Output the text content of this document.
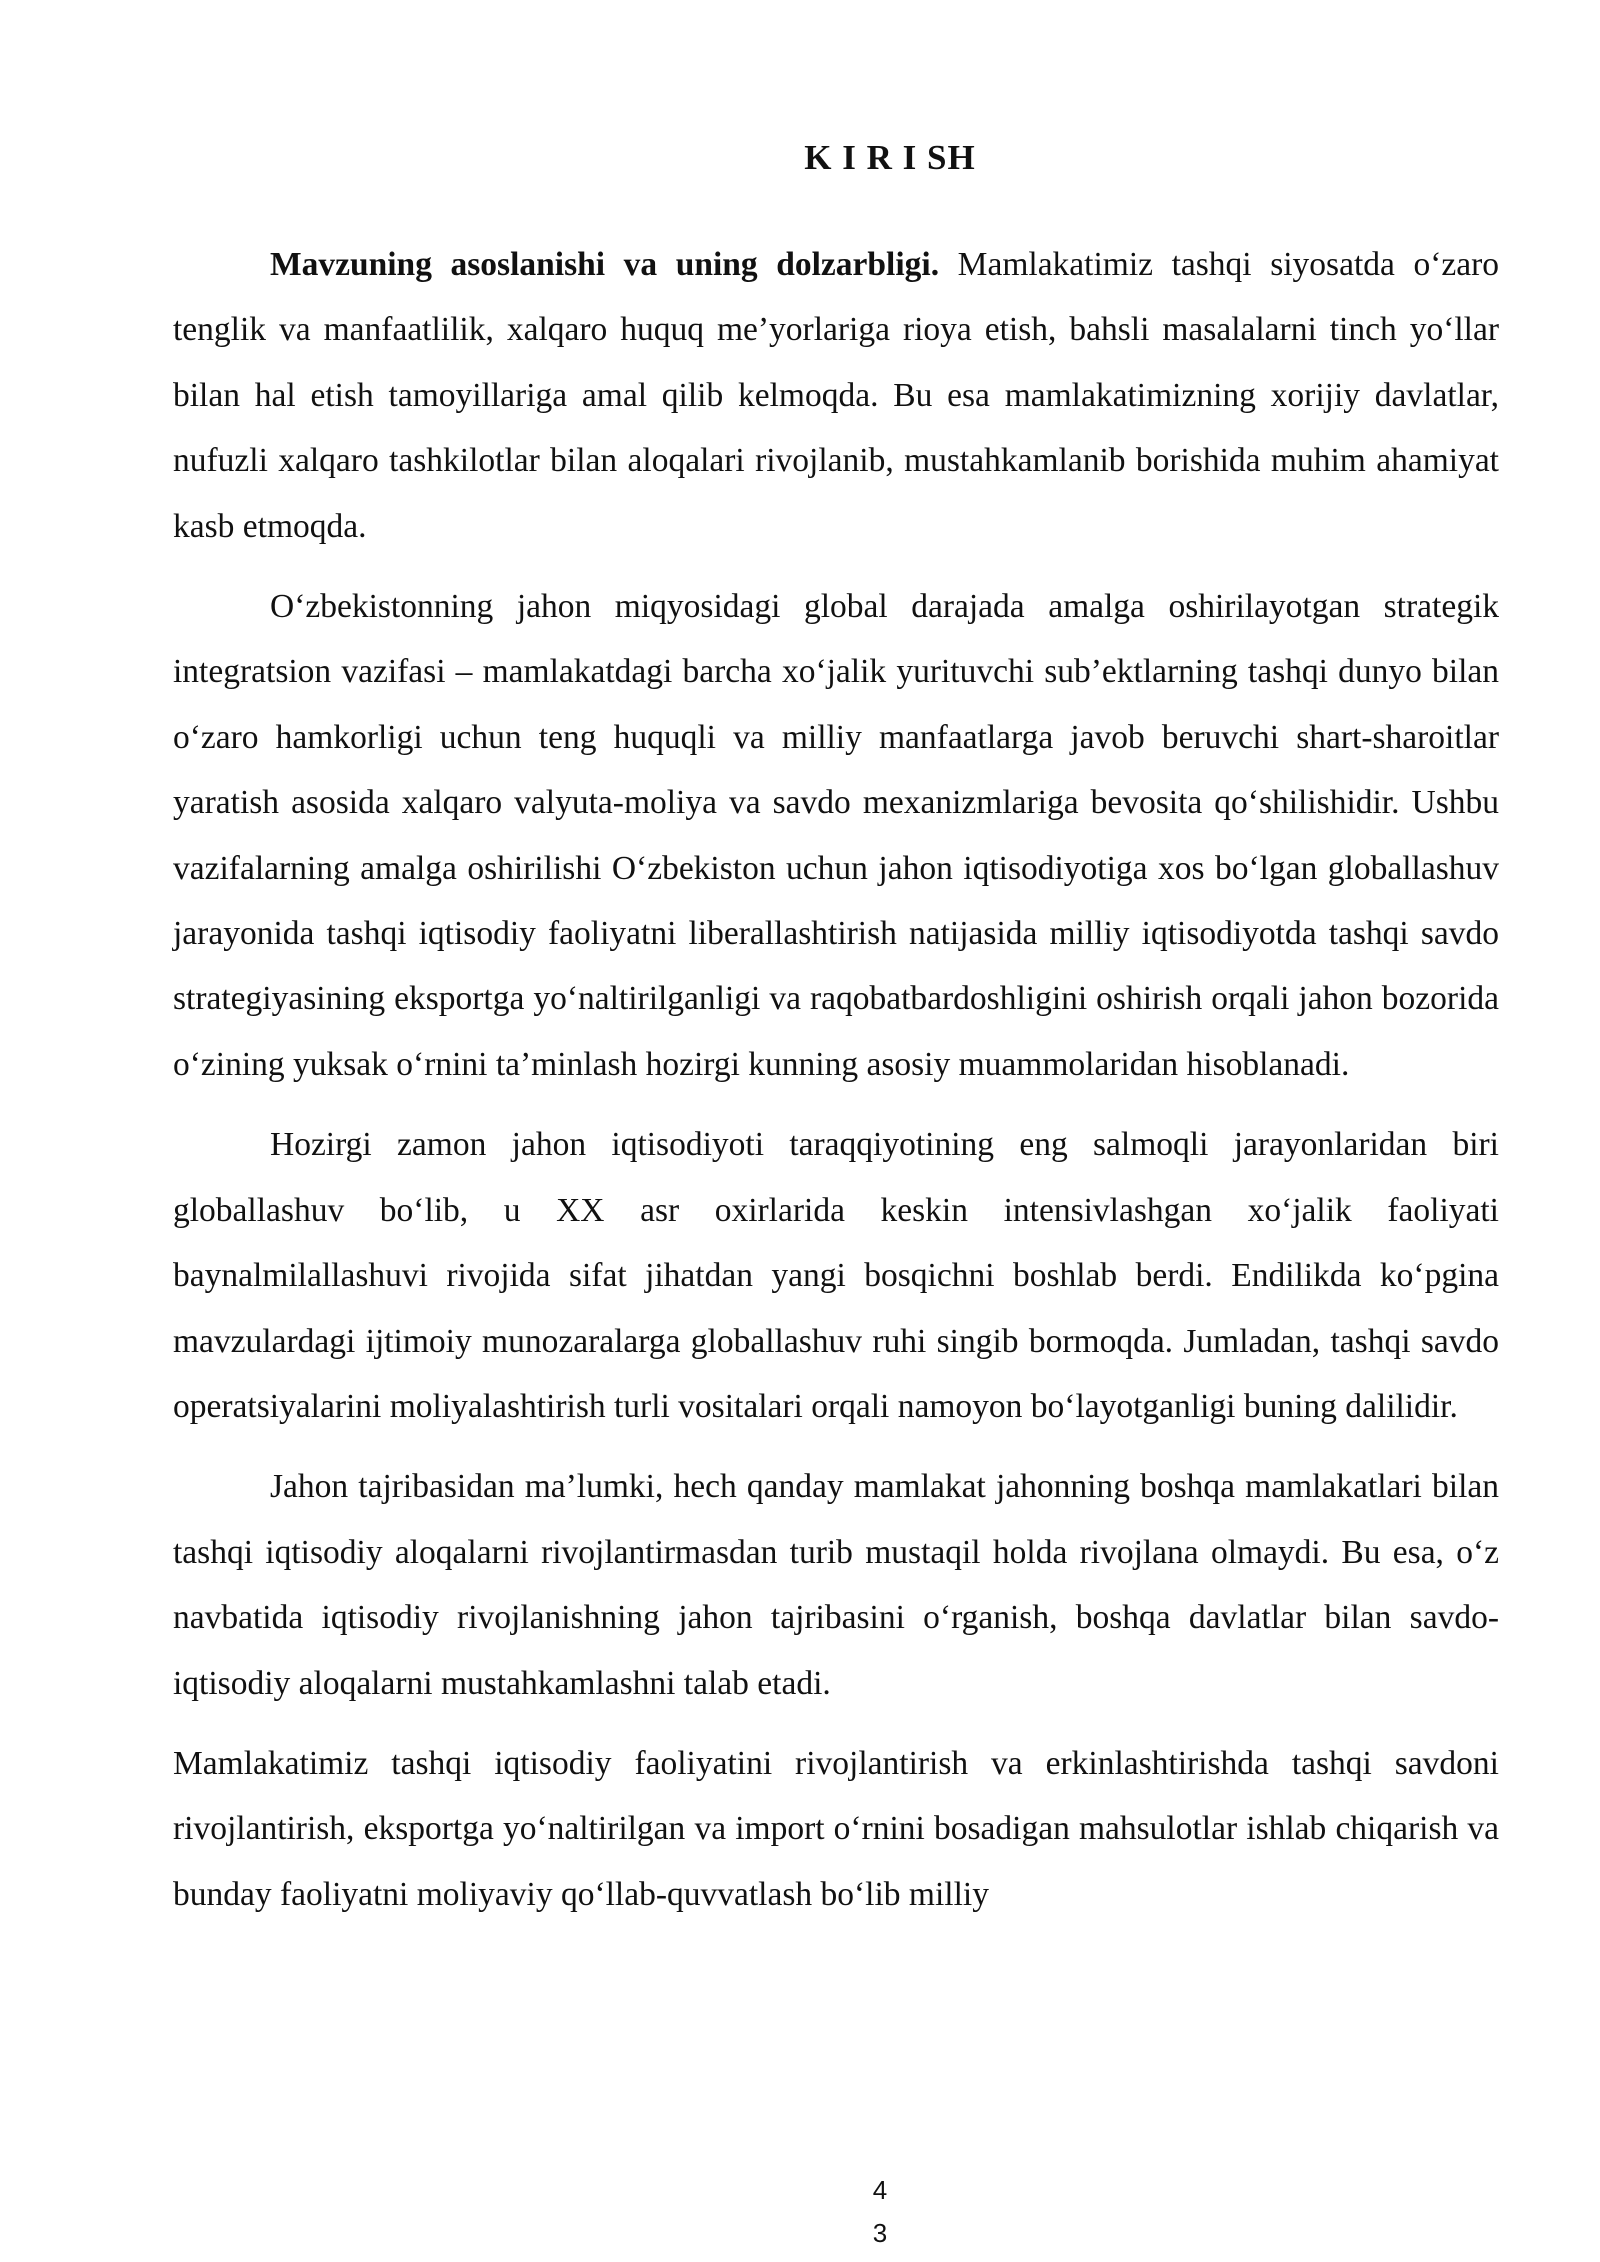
K I R I SH

Mavzuning asoslanishi va uning dolzarbligi. Mamlakatimiz tashqi siyosatda o‘zaro tenglik va manfaatlilik, xalqaro huquq me’yorlariga rioya etish, bahsli masalalarni tinch yo‘llar bilan hal etish tamoyillariga amal qilib kelmoqda. Bu esa mamlakatimizning xorijiy davlatlar, nufuzli xalqaro tashkilotlar bilan aloqalari rivojlanib, mustahkamlanib borishida muhim ahamiyat kasb etmoqda.

O‘zbekistonning jahon miqyosidagi global darajada amalga oshirilayotgan strategik integratsion vazifasi – mamlakatdagi barcha xo‘jalik yurituvchi sub’ektlarning tashqi dunyo bilan o‘zaro hamkorligi uchun teng huquqli va milliy manfaatlarga javob beruvchi shart-sharoitlar yaratish asosida xalqaro valyuta-moliya va savdo mexanizmlariga bevosita qo‘shilishidir. Ushbu vazifalarning amalga oshirilishi O‘zbekiston uchun jahon iqtisodiyotiga xos bo‘lgan globallashuv jarayonida tashqi iqtisodiy faoliyatni liberallashtirish natijasida milliy iqtisodiyotda tashqi savdo strategiyasining eksportga yo‘naltirilganligi va raqobatbardoshligini oshirish orqali jahon bozorida o‘zining yuksak o‘rnini ta’minlash hozirgi kunning asosiy muammolaridan hisoblanadi.

Hozirgi zamon jahon iqtisodiyoti taraqqiyotining eng salmoqli jarayonlaridan biri globallashuv bo‘lib, u XX asr oxirlarida keskin intensivlashgan xo‘jalik faoliyati baynalmilallashuvi rivojida sifat jihatdan yangi bosqichni boshlab berdi. Endilikda ko‘pgina mavzulardagi ijtimoiy munozaralarga globallashuv ruhi singib bormoqda. Jumladan, tashqi savdo operatsiyalarini moliyalashtirish turli vositalari orqali namoyon bo‘layotganligi buning dalilidir.

Jahon tajribasidan ma’lumki, hech qanday mamlakat jahonning boshqa mamlakatlari bilan tashqi iqtisodiy aloqalarni rivojlantirmasdan turib mustaqil holda rivojlana olmaydi. Bu esa, o‘z navbatida iqtisodiy rivojlanishning jahon tajribasini o‘rganish, boshqa davlatlar bilan savdo-iqtisodiy aloqalarni mustahkamlashni talab etadi.

Mamlakatimiz tashqi iqtisodiy faoliyatini rivojlantirish va erkinlashtirishda tashqi savdoni rivojlantirish, eksportga yo‘naltirilgan va import o‘rnini bosadigan mahsulotlar ishlab chiqarish va bunday faoliyatni moliyaviy qo‘llab-quvvatlash bo‘lib milliy

4

3
